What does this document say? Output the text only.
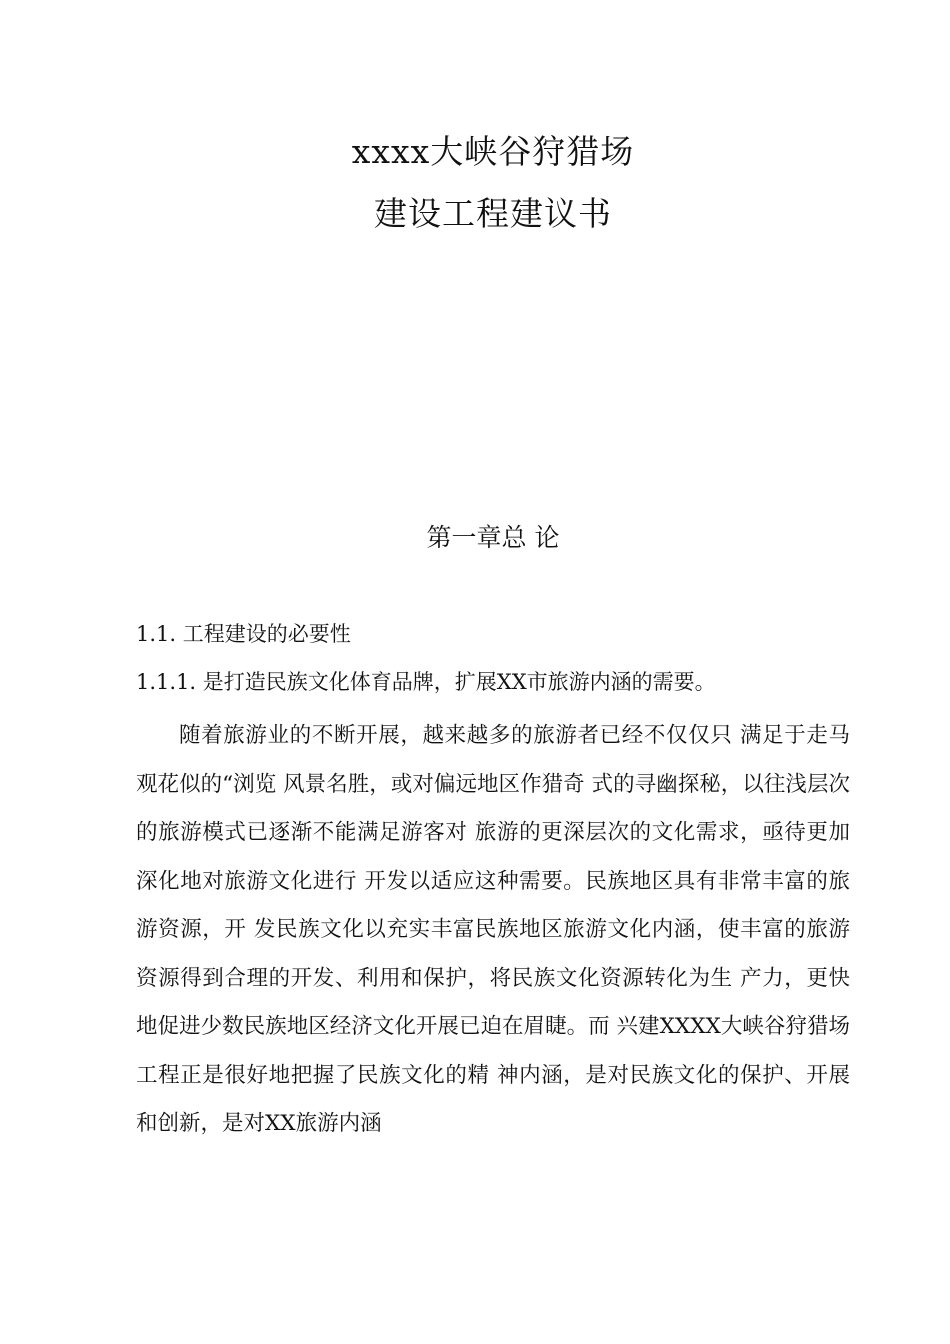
xxxx大峡谷狩猎场
建设工程建议书
第一章总 论
1.1. 工程建设的必要性
1.1.1. 是打造民族文化体育品牌，扩展XX市旅游内涵的需要。

随着旅游业的不断开展，越来越多的旅游者已经不仅仅只 满足于走马观花似的“浏览 风景名胜，或对偏远地区作猎奇 式的寻幽探秘，以往浅层次的旅游模式已逐渐不能满足游客对 旅游的更深层次的文化需求，亟待更加深化地对旅游文化进行 开发以适应这种需要。民族地区具有非常丰富的旅游资源，开 发民族文化以充实丰富民族地区旅游文化内涵，使丰富的旅游 资源得到合理的开发、利用和保护，将民族文化资源转化为生 产力，更快地促进少数民族地区经济文化开展已迫在眉睫。而 兴建XXXX大峡谷狩猎场工程正是很好地把握了民族文化的精 神内涵，是对民族文化的保护、开展和创新，是对XX旅游内涵
